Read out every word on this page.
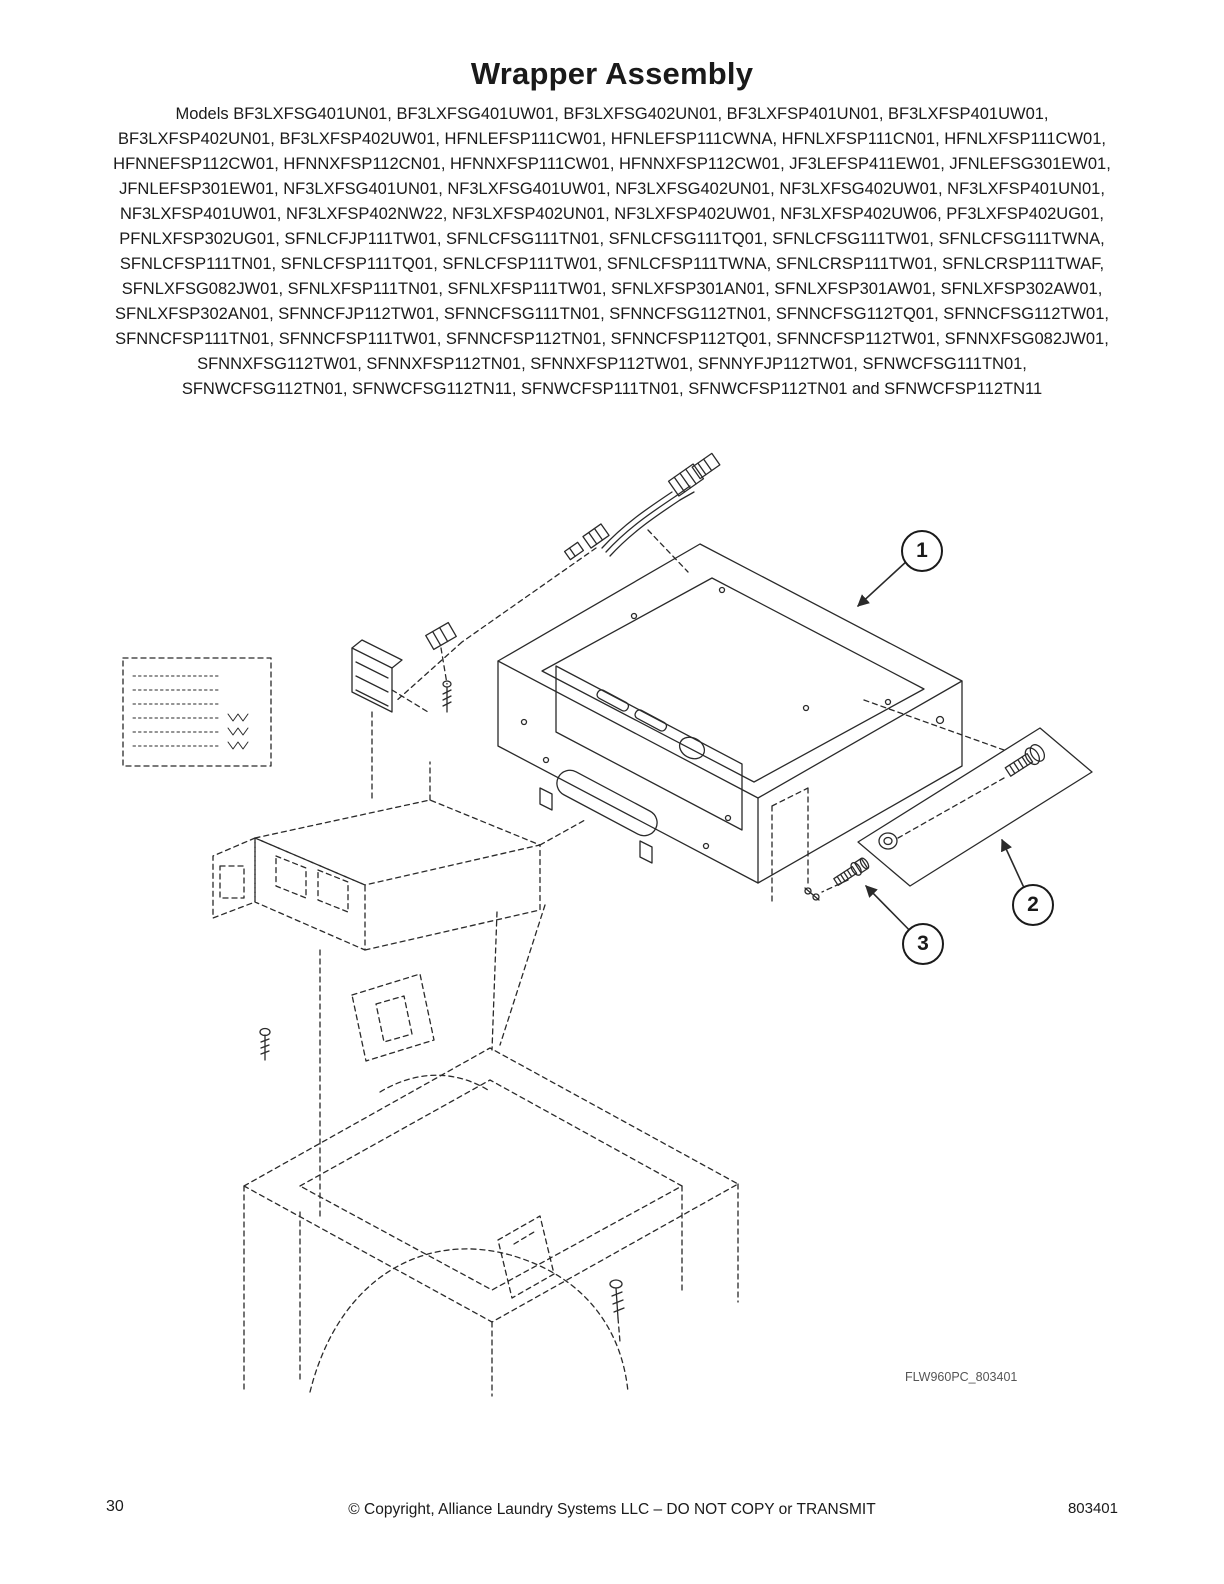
Wrapper Assembly

Models BF3LXFSG401UN01, BF3LXFSG401UW01, BF3LXFSG402UN01, BF3LXFSP401UN01, BF3LXFSP401UW01, BF3LXFSP402UN01, BF3LXFSP402UW01, HFNLEFSP111CW01, HFNLEFSP111CWNA, HFNLXFSP111CN01, HFNLXFSP111CW01, HFNNEFSP112CW01, HFNNXFSP112CN01, HFNNXFSP111CW01, HFNNXFSP112CW01, JF3LEFSP411EW01, JFNLEFSG301EW01, JFNLEFSP301EW01, NF3LXFSG401UN01, NF3LXFSG401UW01, NF3LXFSG402UN01, NF3LXFSG402UW01, NF3LXFSP401UN01, NF3LXFSP401UW01, NF3LXFSP402NW22, NF3LXFSP402UN01, NF3LXFSP402UW01, NF3LXFSP402UW06, PF3LXFSP402UG01, PFNLXFSP302UG01, SFNLCFJP111TW01, SFNLCFSG111TN01, SFNLCFSG111TQ01, SFNLCFSG111TW01, SFNLCFSG111TWNA, SFNLCFSP111TN01, SFNLCFSP111TQ01, SFNLCFSP111TW01, SFNLCFSP111TWNA, SFNLCRSP111TW01, SFNLCRSP111TWAF, SFNLXFSG082JW01, SFNLXFSP111TN01, SFNLXFSP111TW01, SFNLXFSP301AN01, SFNLXFSP301AW01, SFNLXFSP302AW01, SFNLXFSP302AN01, SFNNCFJP112TW01, SFNNCFSG111TN01, SFNNCFSG112TN01, SFNNCFSG112TQ01, SFNNCFSG112TW01, SFNNCFSP111TN01, SFNNCFSP111TW01, SFNNCFSP112TN01, SFNNCFSP112TQ01, SFNNCFSP112TW01, SFNNXFSG082JW01, SFNNXFSG112TW01, SFNNXFSP112TN01, SFNNXFSP112TW01, SFNNYFJP112TW01, SFNWCFSG111TN01, SFNWCFSG112TN01, SFNWCFSG112TN11, SFNWCFSP111TN01, SFNWCFSP112TN01 and SFNWCFSP112TN11

1
2
3
FLW960PC_803401
30	© Copyright, Alliance Laundry Systems LLC – DO NOT COPY or TRANSMIT	803401
